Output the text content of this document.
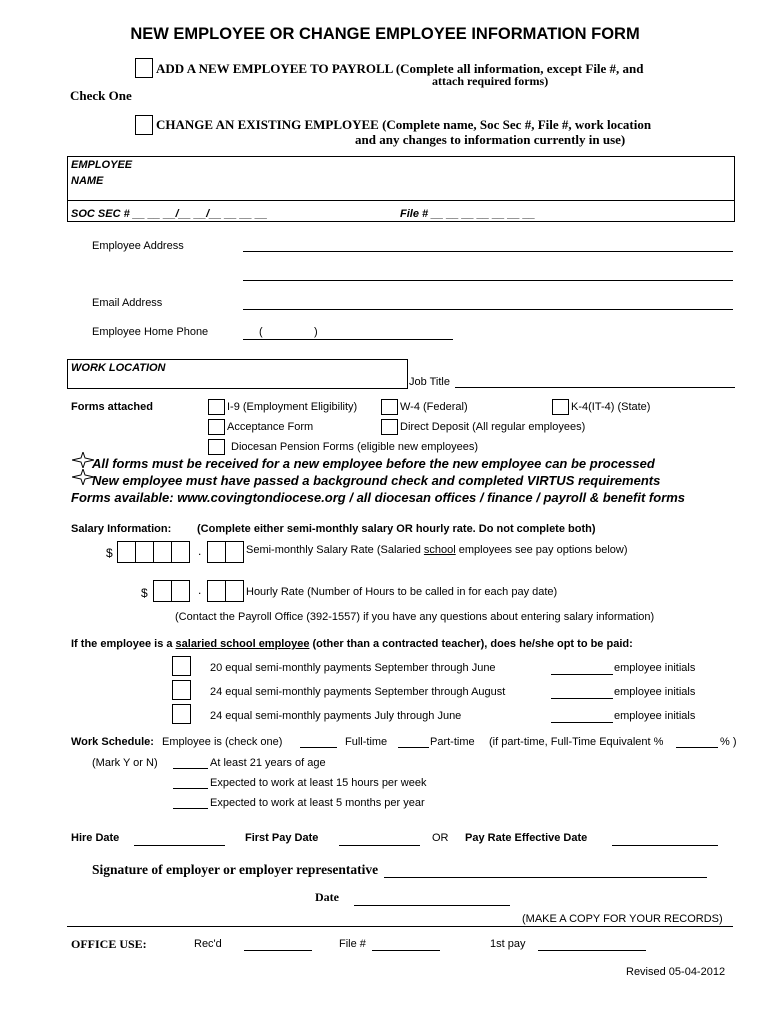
NEW EMPLOYEE OR CHANGE EMPLOYEE INFORMATION FORM
ADD A NEW EMPLOYEE TO PAYROLL (Complete all information, except File #, and
attach required forms)
Check One
CHANGE AN EXISTING EMPLOYEE (Complete name, Soc Sec #, File #, work location
and any changes to information currently in use)
EMPLOYEE
NAME
SOC SEC # __ __ __/__ __/__ __ __ __	File # __ __ __ __ __ __ __
Employee Address
Email Address
Employee Home Phone	(	)
WORK LOCATION
Job Title
Forms attached	I-9 (Employment Eligibility)	W-4 (Federal)	K-4(IT-4) (State)
Acceptance Form	Direct Deposit (All regular employees)
Diocesan Pension Forms (eligible new employees)
All forms must be received for a new employee before the new employee can be processed
New employee must have passed a background check and completed VIRTUS requirements
Forms available: www.covingtondiocese.org / all diocesan offices / finance / payroll & benefit forms
Salary Information: (Complete either semi-monthly salary OR hourly rate. Do not complete both)
$	.	Semi-monthly Salary Rate (Salaried school employees see pay options below)
$	.	Hourly Rate (Number of Hours to be called in for each pay date)
(Contact the Payroll Office (392-1557) if you have any questions about entering salary information)
If the employee is a salaried school employee (other than a contracted teacher), does he/she opt to be paid:
20 equal semi-monthly payments September through June	employee initials
24 equal semi-monthly payments September through August	employee initials
24 equal semi-monthly payments July through June	employee initials
Work Schedule: Employee is (check one)	Full-time	Part-time (if part-time, Full-Time Equivalent %	% )
(Mark Y or N)	At least 21 years of age
Expected to work at least 15 hours per week
Expected to work at least 5 months per year
Hire Date	First Pay Date	OR Pay Rate Effective Date
Signature of employer or employer representative
Date
(MAKE A COPY FOR YOUR RECORDS)
OFFICE USE:	Rec'd	File #	1st pay
Revised 05-04-2012
